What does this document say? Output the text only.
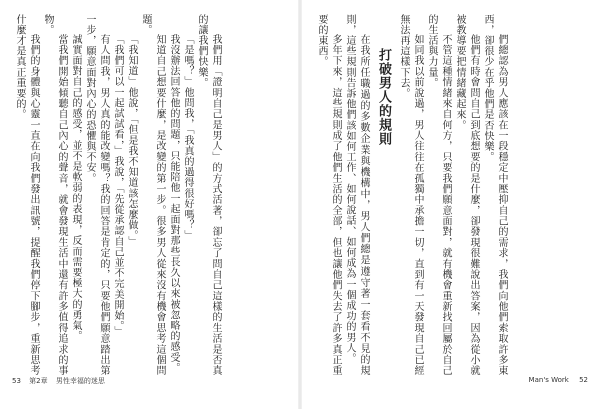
我們用「證明自己是男人」的方式活著，卻忘了問自己這樣的生活是否真的讓我們快樂。

「是嗎？」他問我，「我真的過得很好嗎？」

我沒辦法回答他的問題，只能陪他一起面對那些長久以來被忽略的感受。

知道自己想要什麼，是改變的第一步。很多男人從來沒有機會思考這個問題。

「我知道」他說，「但是我不知道該怎麼做。」

「我們可以一起試試看，」我說，「先從承認自己並不完美開始。」

有人問我，男人真的能改變嗎？我的回答是肯定的，只要他們願意踏出第一步，願意面對內心的恐懼與不安。

誠實面對自己的感受，並不是軟弱的表現，反而需要極大的勇氣。

當我們開始傾聽自己內心的聲音，就會發現生活中還有許多值得追求的事物。

我們的身體與心靈一直在向我們發出訊號，提醒我們停下腳步，重新思考什麼才是真正重要的。	們總認為男人應該在一段穩定中壓抑自己的需求，我們向他們索取許多東西，卻很少在乎他們是否快樂。

他們有時會問自己到底想要的是什麼，卻發現很難說出答案，因為從小就被教導要把情緒藏起來。

不管這種情緒來自何方，只要我們願意面對，就有機會重新找回屬於自己的生活與力量。

如同我以前說過，男人往往在孤獨中承擔一切，直到有一天發現自己已經無法再這樣下去。

打破男人的規則

在我所任職過的多數企業與機構中，男人們總是遵守著一套看不見的規則，這些規則告訴他們該如何工作、如何說話、如何成為一個成功的男人。

多年下來，這些規則成了他們生活的全部，但也讓他們失去了許多真正重要的東西。

53 第2章 男性幸福的迷思	Man's Work 52
